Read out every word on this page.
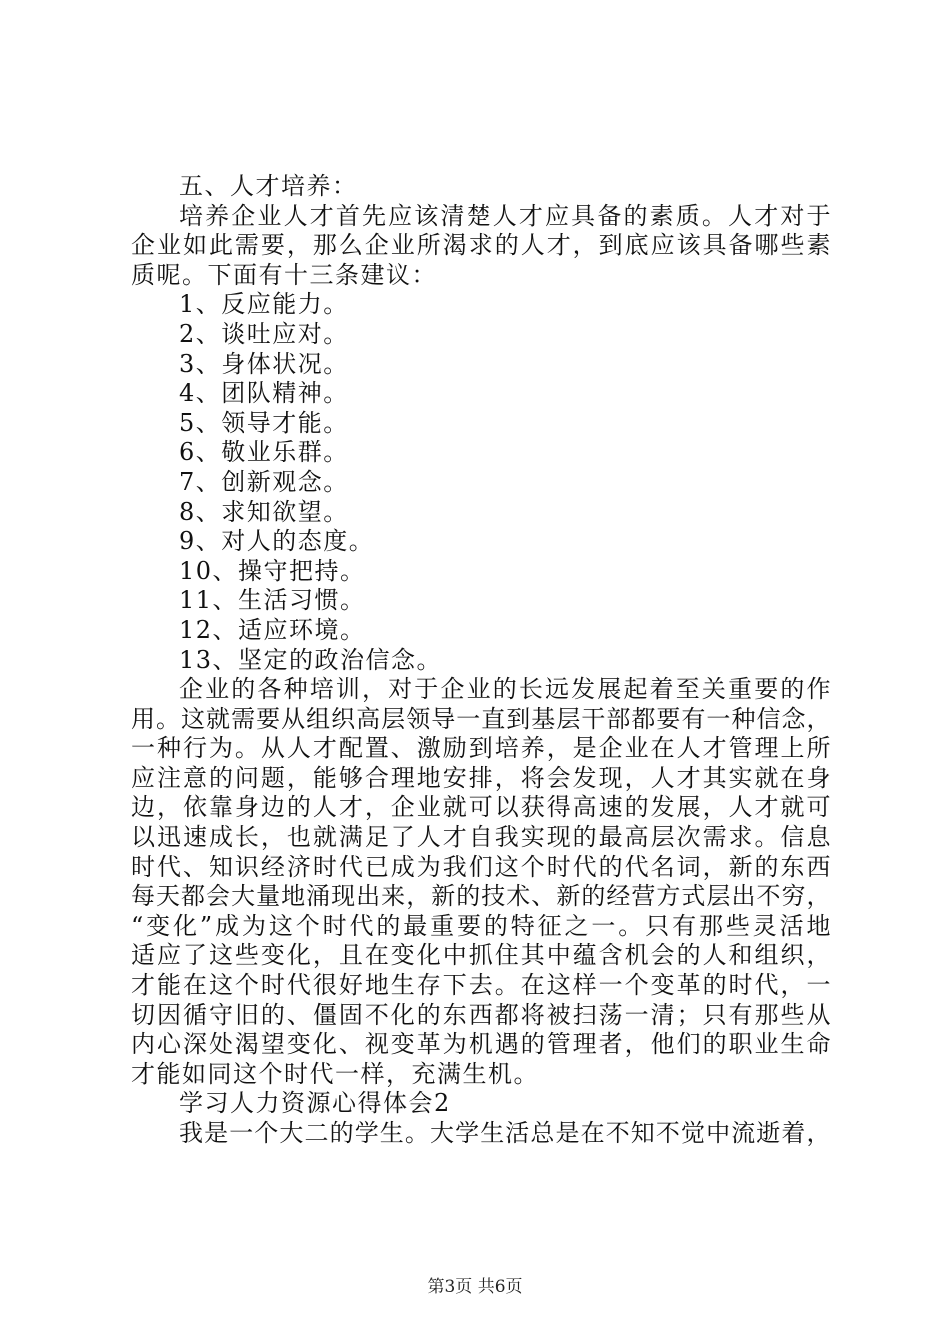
五、人才培养：

培养企业人才首先应该清楚人才应具备的素质。人才对于

企业如此需要，那么企业所渴求的人才，到底应该具备哪些素

质呢。下面有十三条建议：

1、反应能力。

2、谈吐应对。

3、身体状况。

4、团队精神。

5、领导才能。

6、敬业乐群。

7、创新观念。

8、求知欲望。

9、对人的态度。

10、操守把持。

11、生活习惯。

12、适应环境。

13、坚定的政治信念。

企业的各种培训，对于企业的长远发展起着至关重要的作

用。这就需要从组织高层领导一直到基层干部都要有一种信念，

一种行为。从人才配置、激励到培养，是企业在人才管理上所

应注意的问题，能够合理地安排，将会发现，人才其实就在身

边，依靠身边的人才，企业就可以获得高速的发展，人才就可

以迅速成长，也就满足了人才自我实现的最高层次需求。信息

时代、知识经济时代已成为我们这个时代的代名词，新的东西

每天都会大量地涌现出来，新的技术、新的经营方式层出不穷，

“变化”成为这个时代的最重要的特征之一。只有那些灵活地

适应了这些变化，且在变化中抓住其中蕴含机会的人和组织，

才能在这个时代很好地生存下去。在这样一个变革的时代，一

切因循守旧的、僵固不化的东西都将被扫荡一清；只有那些从

内心深处渴望变化、视变革为机遇的管理者，他们的职业生命

才能如同这个时代一样，充满生机。

学习人力资源心得体会2

我是一个大二的学生。大学生活总是在不知不觉中流逝着，

第3页 共6页
